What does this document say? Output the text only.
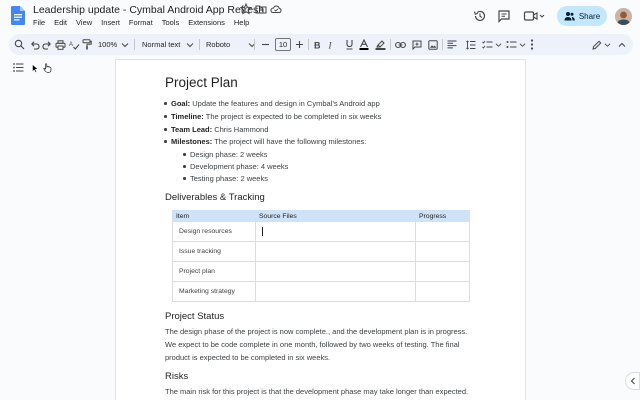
Leadership update - Cymbal Android App Refresh
File Edit View Insert Format Tools Extensions Help
Share
A	100%	Normal text	Roboto	10	B I
Project Plan
Goal: Update the features and design in Cymbal’s Android app
Timeline: The project is expected to be completed in six weeks
Team Lead: Chris Hammond
Milestones: The project will have the following milestones:
Design phase: 2 weeks
Development phase: 4 weeks
Testing phase: 2 weeks
Deliverables & Tracking
Item	Source Files	Progress
Design resources		
Issue tracking		
Project plan		
Marketing strategy		
Project Status
The design phase of the project is now complete., and the development plan is in progress. We expect to be code complete in one month, followed by two weeks of testing. The final product is expected to be completed in six weeks.
Risks
The main risk for this project is that the development phase may take longer than expected.
